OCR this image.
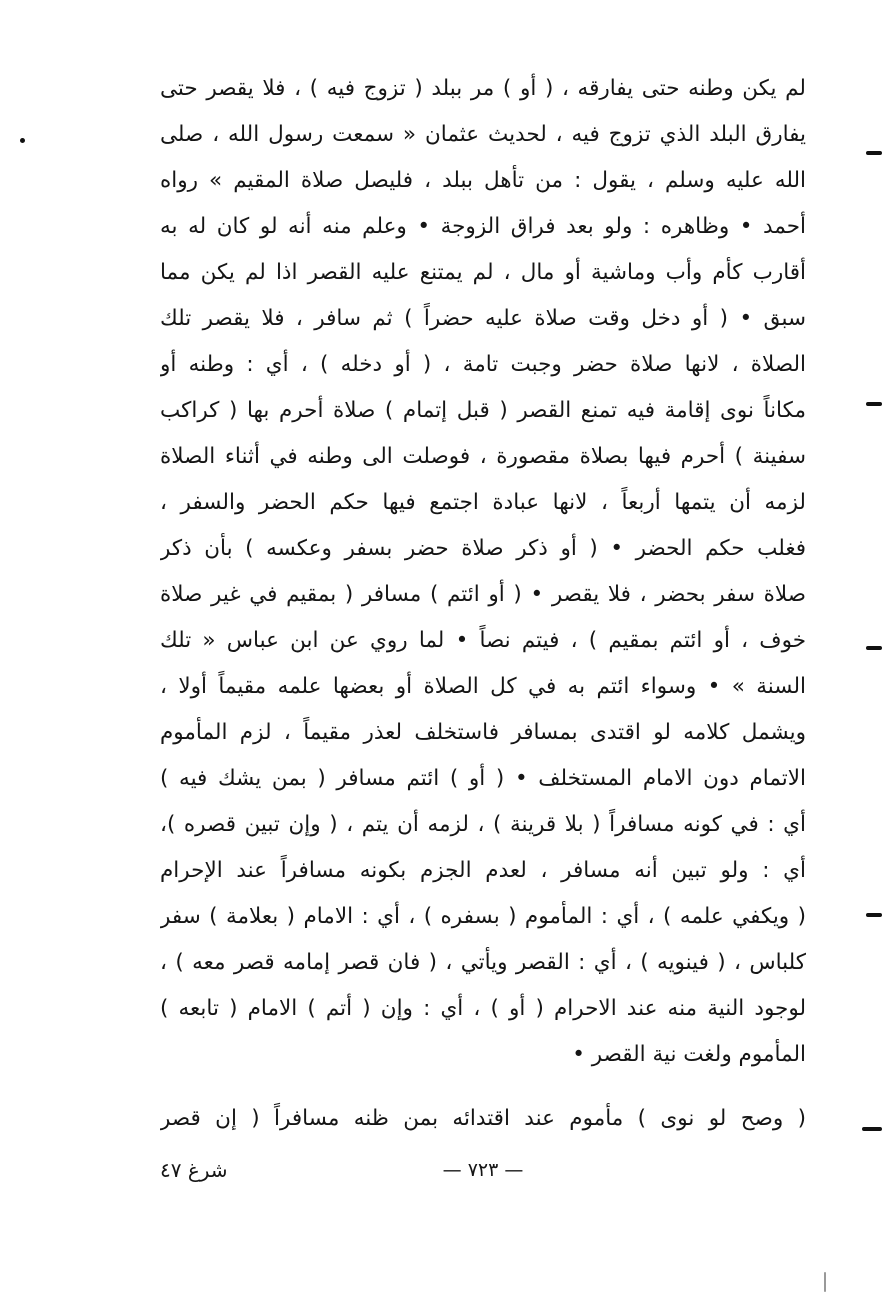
لم يكن وطنه حتى يفارقه ، ( أو ) مر ببلد ( تزوج فيه ) ، فلا يقصر حتى
يفارق البلد الذي تزوج فيه ، لحديث عثمان « سمعت رسول الله ، صلى
الله عليه وسلم ، يقول : من تأهل ببلد ، فليصل صلاة المقيم » رواه
أحمد • وظاهره : ولو بعد فراق الزوجة • وعلم منه أنه لو كان له به
أقارب كأم وأب وماشية أو مال ، لم يمتنع عليه القصر اذا لم يكن مما
سبق • ( أو دخل وقت صلاة عليه حضراً ) ثم سافر ، فلا يقصر تلك
الصلاة ، لانها صلاة حضر وجبت تامة ، ( أو دخله ) ، أي : وطنه أو
مكاناً نوى إقامة فيه تمنع القصر ( قبل إتمام ) صلاة أحرم بها ( كراكب
سفينة ) أحرم فيها بصلاة مقصورة ، فوصلت الى وطنه في أثناء الصلاة
لزمه أن يتمها أربعاً ، لانها عبادة اجتمع فيها حكم الحضر والسفر ،
فغلب حكم الحضر • ( أو ذكر صلاة حضر بسفر وعكسه ) بأن ذكر
صلاة سفر بحضر ، فلا يقصر • ( أو ائتم ) مسافر ( بمقيم في غير صلاة
خوف ، أو ائتم بمقيم ) ، فيتم نصاً • لما روي عن ابن عباس « تلك
السنة » • وسواء ائتم به في كل الصلاة أو بعضها علمه مقيماً أولا ،
ويشمل كلامه لو اقتدى بمسافر فاستخلف لعذر مقيماً ، لزم المأموم
الاتمام دون الامام المستخلف • ( أو ) ائتم مسافر ( بمن يشك فيه )
أي : في كونه مسافراً ( بلا قرينة ) ، لزمه أن يتم ، ( وإن تبين قصره )،
أي : ولو تبين أنه مسافر ، لعدم الجزم بكونه مسافراً عند الإحرام
( ويكفي علمه ) ، أي : المأموم ( بسفره ) ، أي : الامام ( بعلامة ) سفر
كلباس ، ( فينويه ) ، أي : القصر ويأتي ، ( فان قصر إمامه قصر معه ) ،
لوجود النية منه عند الاحرام ( أو ) ، أي : وإن ( أتم ) الامام ( تابعه )
المأموم ولغت نية القصر •
( وصح لو نوى ) مأموم عند اقتدائه بمن ظنه مسافراً ( إن قصر
شرغ ٤٧	— ٧٢٣ —
